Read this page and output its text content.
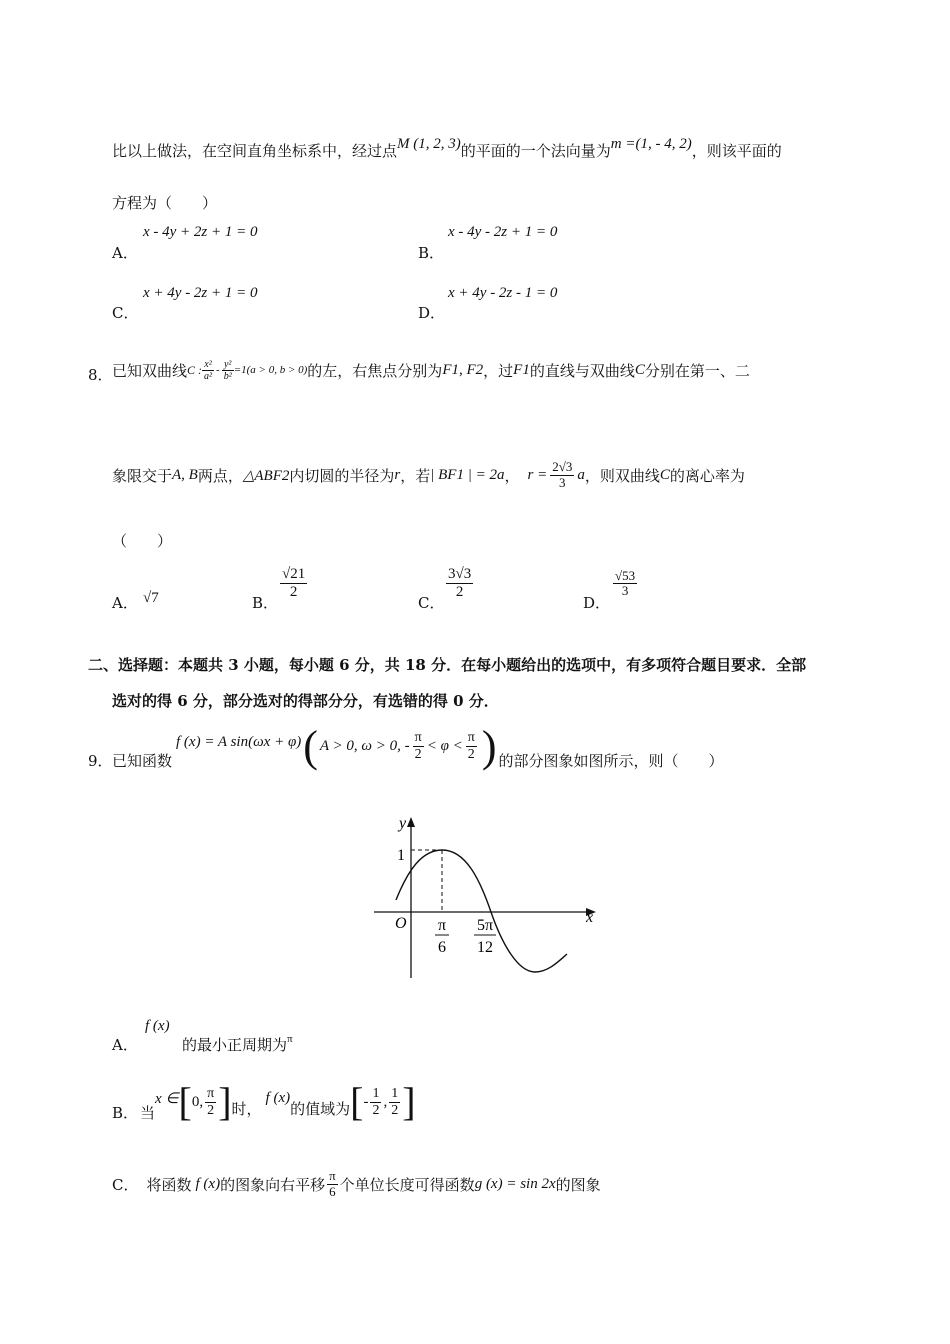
比以上做法，在空间直角坐标系中，经过点M (1, 2, 3)的平面的一个法向量为m =(1, - 4, 2)，则该平面的
方程为（　　）
A．
x - 4y + 2z + 1 = 0
B．
x - 4y - 2z + 1 = 0
C．
x + 4y - 2z + 1 = 0
D．
x + 4y - 2z - 1 = 0
8． 已知双曲线 C : $\frac{\text{x²}}{\text{a²}} - \frac{\text{y²}}{\text{b²}} =1(a > 0$, b > 0) 的左，右焦点分别为 F1, F2 ，过 F1 的直线与双曲线 C 分别在第一、二
象限交于 A, B 两点， △ABF2 内切圆的半径为 r ，若 | BF1 | = 2a ， $r = \frac{2√3}{3}$ a ，则双曲线 C 的离心率为
（　　）
A． √7	B．
$\frac{√21}{2}$
C．
$\frac{3√3}{2}$
D．
$\frac{√53}{3}$
二、选择题：本题共 3 小题，每小题 6 分，共 18 分．在每小题给出的选项中，有多项符合题目要求．全部
选对的得 6 分，部分选对的得部分分，有选错的得 0 分．
9． 已知函数
f (x) = A sin(ωx + φ) ( A > 0, ω > 0, - $\frac{\pi}{2} < \varphi < \frac{\pi}{2}$ ) 的部分图象如图所示，则（　　）
y
x
O
1
π
6
5π
12
A．
f (x)
的最小正周期为$^\pi$
B． 当
x ∈ [ 0, $\frac{\pi}{2}$ ] 时，
f (x)
的值域为 [ - $\frac{1}{2}$ , $\frac{1}{2}$ ]
C． 将函数 f (x) 的图象向右平移 $\frac{\pi}{6}$ 个单位长度可得函数 g (x) = sin 2x 的图象
